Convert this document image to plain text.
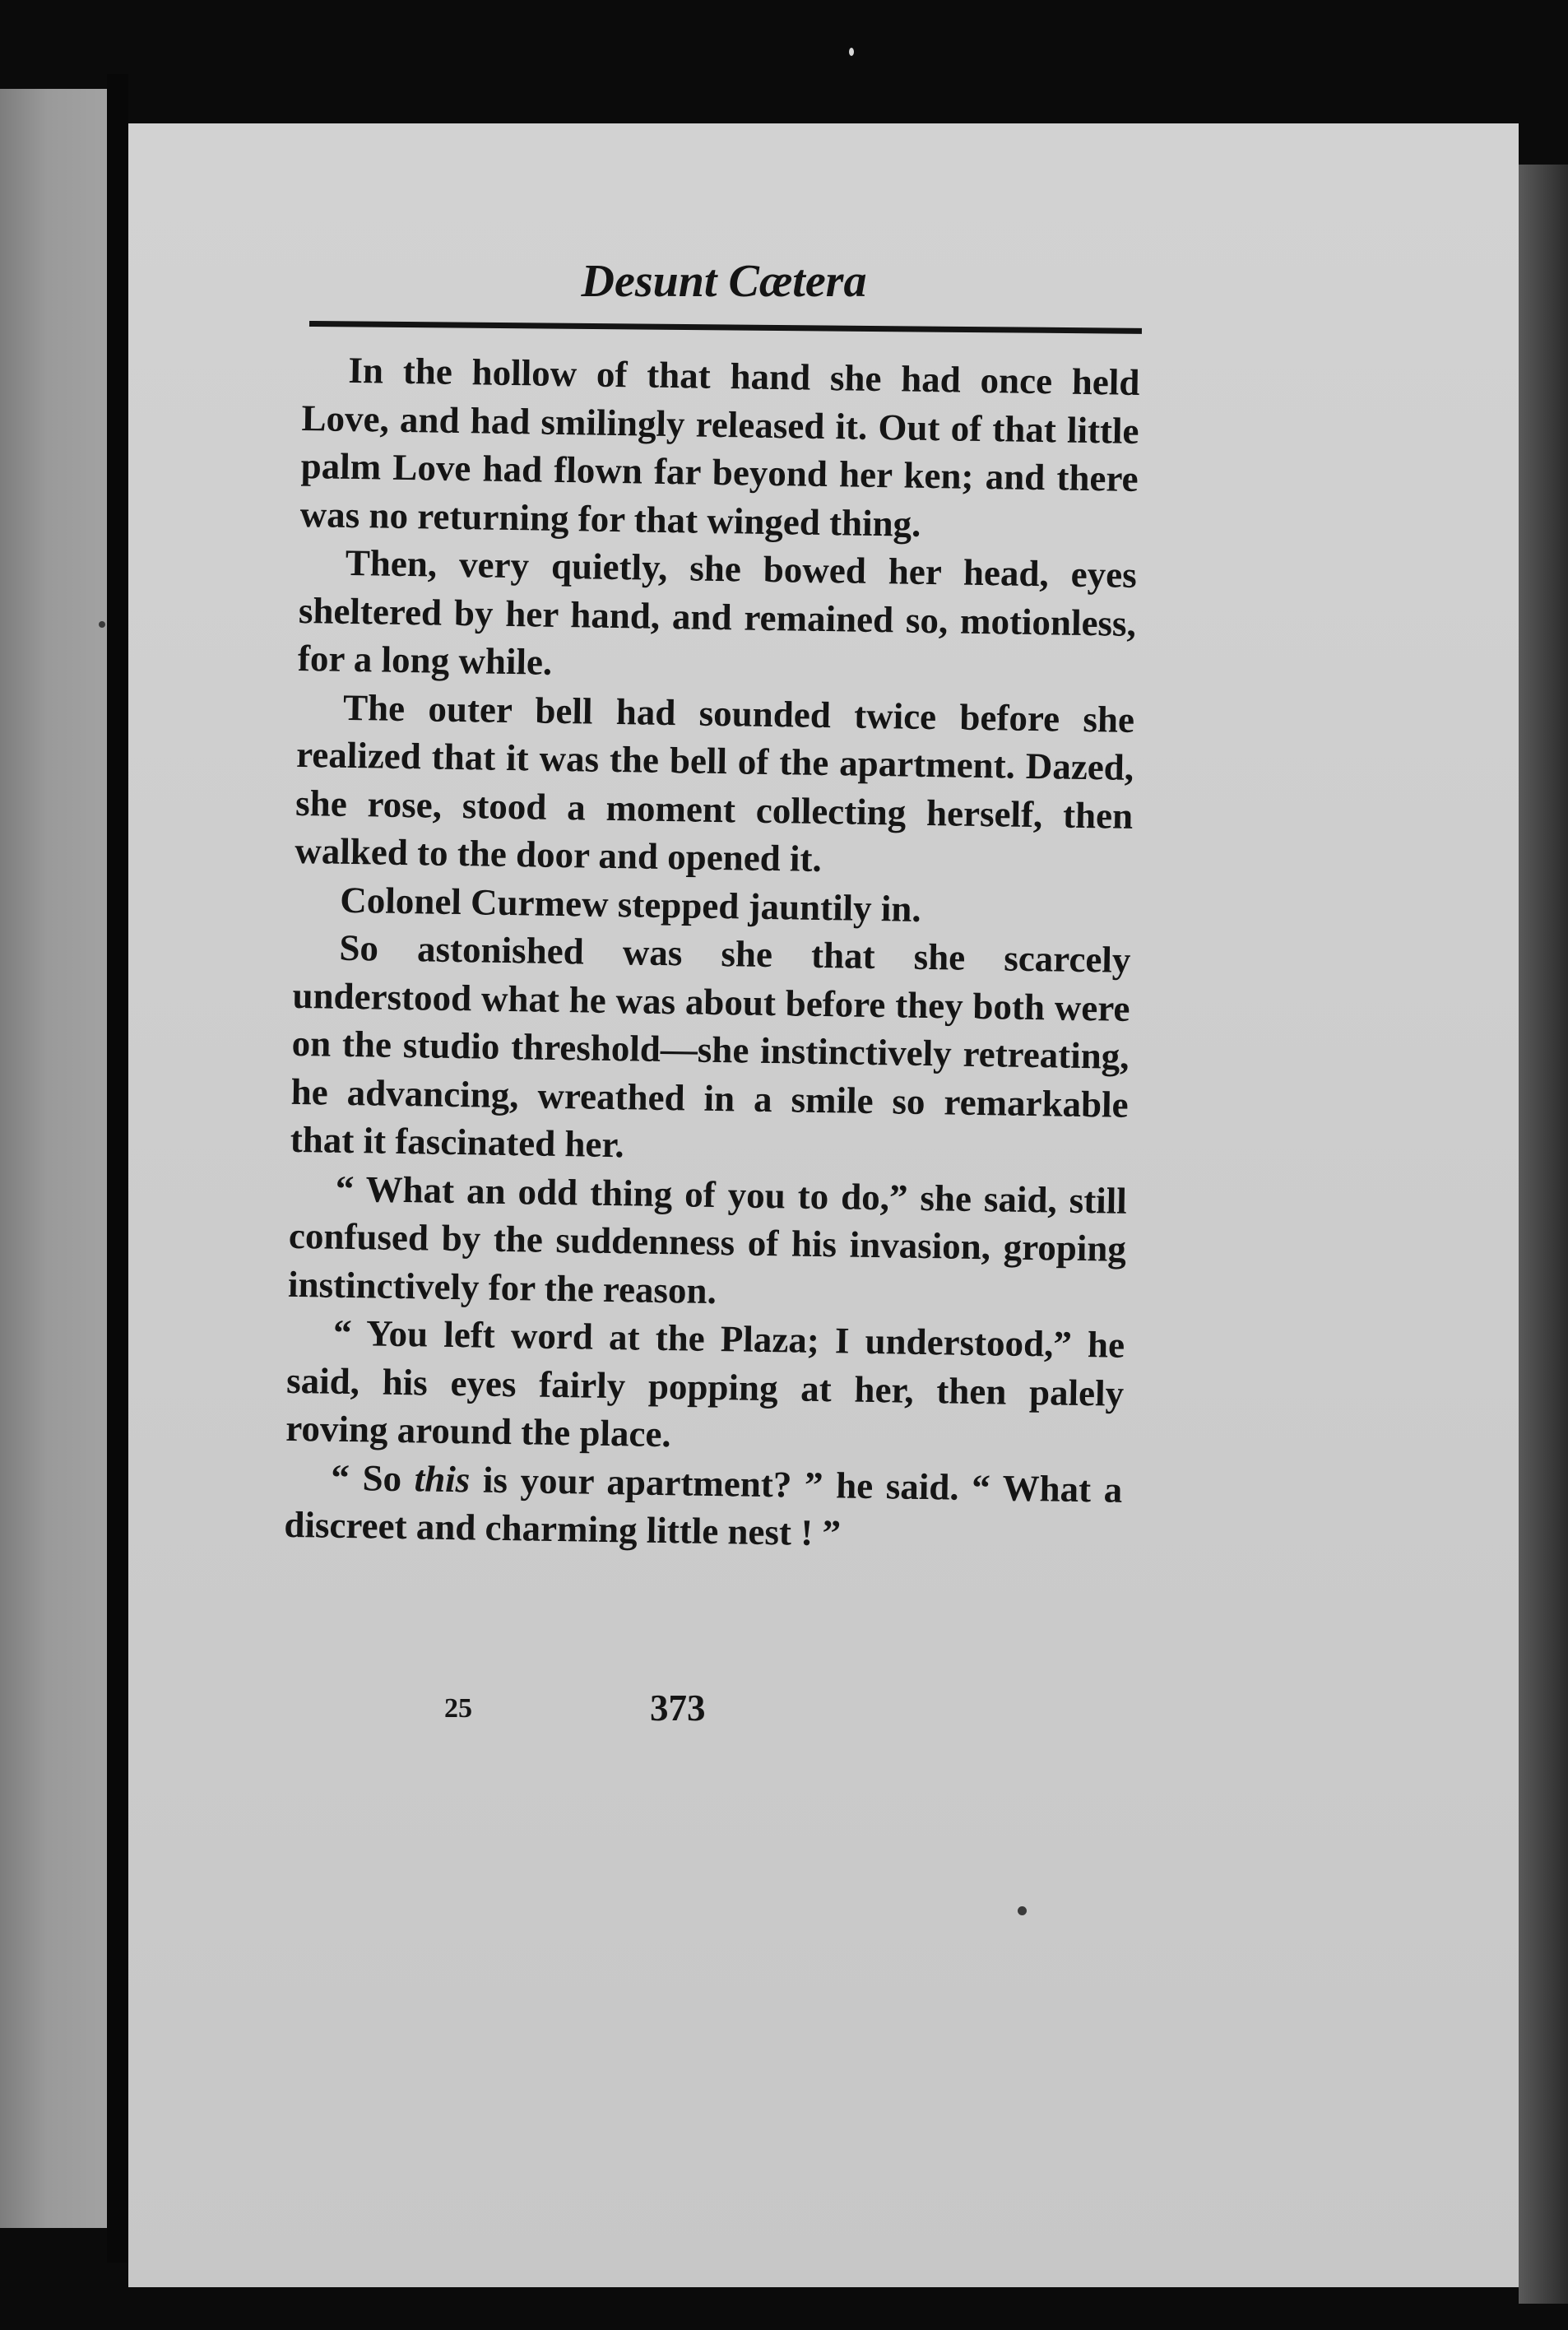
Desunt Cætera

In the hollow of that hand she had once held Love, and had smilingly released it. Out of that little palm Love had flown far beyond her ken; and there was no returning for that winged thing.

Then, very quietly, she bowed her head, eyes sheltered by her hand, and remained so, motionless, for a long while.

The outer bell had sounded twice before she realized that it was the bell of the apartment. Dazed, she rose, stood a moment collecting herself, then walked to the door and opened it.

Colonel Curmew stepped jauntily in.

So astonished was she that she scarcely understood what he was about before they both were on the studio threshold—she instinctively retreating, he advancing, wreathed in a smile so remarkable that it fascinated her.

“ What an odd thing of you to do,” she said, still confused by the suddenness of his invasion, groping instinctively for the reason.

“ You left word at the Plaza; I understood,” he said, his eyes fairly popping at her, then palely roving around the place.

“ So this is your apartment? ” he said. “ What a discreet and charming little nest ! ”

25	373
